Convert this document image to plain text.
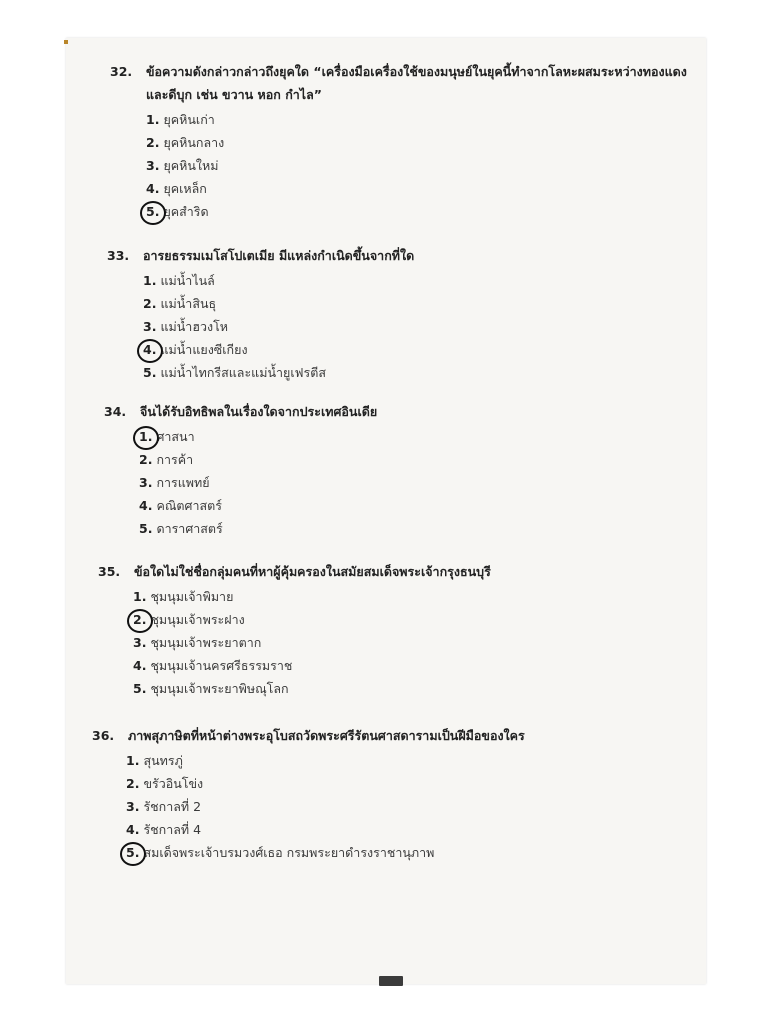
32. ข้อความดังกล่าวกล่าวถึงยุคใด “เครื่องมือเครื่องใช้ของมนุษย์ในยุคนี้ทำจากโลหะผสมระหว่างทองแดง
และดีบุก เช่น ขวาน หอก กำไล”
1. ยุคหินเก่า
2. ยุคหินกลาง
3. ยุคหินใหม่
4. ยุคเหล็ก
5. ยุคสำริด
33. อารยธรรมเมโสโปเตเมีย มีแหล่งกำเนิดขึ้นจากที่ใด
1. แม่น้ำไนล์
2. แม่น้ำสินธุ
3. แม่น้ำฮวงโห
4. แม่น้ำแยงซีเกียง
5. แม่น้ำไทกรีสและแม่น้ำยูเฟรตีส
34. จีนได้รับอิทธิพลในเรื่องใดจากประเทศอินเดีย
1. ศาสนา
2. การค้า
3. การแพทย์
4. คณิตศาสตร์
5. ดาราศาสตร์
35. ข้อใดไม่ใช่ชื่อกลุ่มคนที่หาผู้คุ้มครองในสมัยสมเด็จพระเจ้ากรุงธนบุรี
1. ชุมนุมเจ้าพิมาย
2. ชุมนุมเจ้าพระฝาง
3. ชุมนุมเจ้าพระยาตาก
4. ชุมนุมเจ้านครศรีธรรมราช
5. ชุมนุมเจ้าพระยาพิษณุโลก
36. ภาพสุภาษิตที่หน้าต่างพระอุโบสถวัดพระศรีรัตนศาสดารามเป็นฝีมือของใคร
1. สุนทรภู่
2. ขรัวอินโข่ง
3. รัชกาลที่ 2
4. รัชกาลที่ 4
5. สมเด็จพระเจ้าบรมวงศ์เธอ กรมพระยาดำรงราชานุภาพ
